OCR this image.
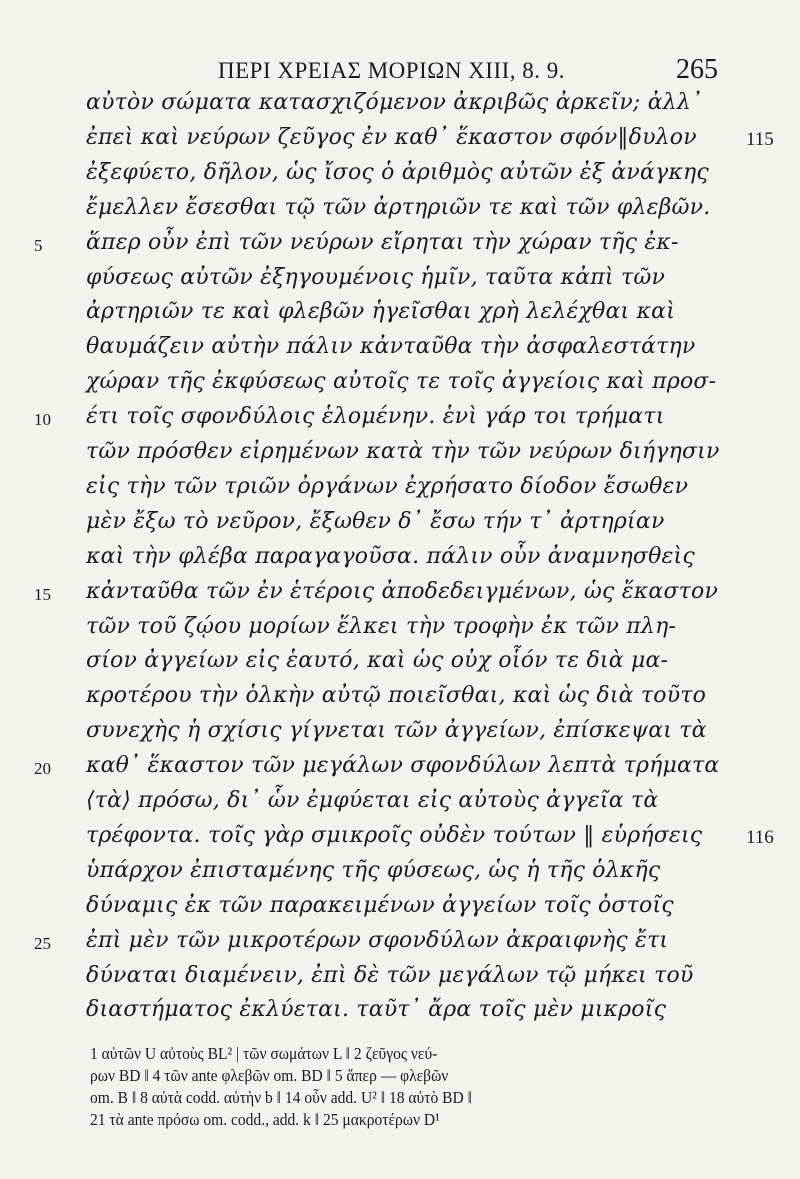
ΠΕΡΙ ΧΡΕΙΑΣ ΜΟΡΙΩΝ XIII, 8. 9.	265
αὐτὸν σώματα κατασχιζόμενον ἀκριβῶς ἀρκεῖν; ἀλλ᾽
ἐπεὶ καὶ νεύρων ζεῦγος ἐν καθ᾽ ἕκαστον σφόν‖δυλον	115
ἐξεφύετο, δῆλον, ὡς ἴσος ὁ ἀριθμὸς αὐτῶν ἐξ ἀνάγκης
ἔμελλεν ἔσεσθαι τῷ τῶν ἀρτηριῶν τε καὶ τῶν φλεβῶν.
5 ἅπερ οὖν ἐπὶ τῶν νεύρων εἴρηται τὴν χώραν τῆς ἐκ-
φύσεως αὐτῶν ἐξηγουμένοις ἡμῖν, ταῦτα κἀπὶ τῶν
ἀρτηριῶν τε καὶ φλεβῶν ἡγεῖσθαι χρὴ λελέχθαι καὶ
θαυμάζειν αὐτὴν πάλιν κἀνταῦθα τὴν ἀσφαλεστάτην
χώραν τῆς ἐκφύσεως αὐτοῖς τε τοῖς ἀγγείοις καὶ προσ-
10 έτι τοῖς σφονδύλοις ἑλομένην. ἑνὶ γάρ τοι τρήματι
τῶν πρόσθεν εἰρημένων κατὰ τὴν τῶν νεύρων διήγησιν
εἰς τὴν τῶν τριῶν ὀργάνων ἐχρήσατο δίοδον ἔσωθεν
μὲν ἔξω τὸ νεῦρον, ἔξωθεν δ᾽ ἔσω τήν τ᾽ ἀρτηρίαν
καὶ τὴν φλέβα παραγαγοῦσα. πάλιν οὖν ἀναμνησθεὶς
15 κἀνταῦθα τῶν ἐν ἑτέροις ἀποδεδειγμένων, ὡς ἕκαστον
τῶν τοῦ ζῴου μορίων ἕλκει τὴν τροφὴν ἐκ τῶν πλη-
σίον ἀγγείων εἰς ἑαυτό, καὶ ὡς οὐχ οἷόν τε διὰ μα-
κροτέρου τὴν ὁλκὴν αὐτῷ ποιεῖσθαι, καὶ ὡς διὰ τοῦτο
συνεχὴς ἡ σχίσις γίγνεται τῶν ἀγγείων, ἐπίσκεψαι τὰ
20 καθ᾽ ἕκαστον τῶν μεγάλων σφονδύλων λεπτὰ τρήματα
⟨τὰ⟩ πρόσω, δι᾽ ὧν ἐμφύεται εἰς αὐτοὺς ἀγγεῖα τὰ
τρέφοντα. τοῖς γὰρ σμικροῖς οὐδὲν τούτων ‖ εὑρήσεις 116
ὑπάρχον ἐπισταμένης τῆς φύσεως, ὡς ἡ τῆς ὁλκῆς
δύναμις ἐκ τῶν παρακειμένων ἀγγείων τοῖς ὀστοῖς
25 ἐπὶ μὲν τῶν μικροτέρων σφονδύλων ἀκραιφνὴς ἔτι
δύναται διαμένειν, ἐπὶ δὲ τῶν μεγάλων τῷ μήκει τοῦ
διαστήματος ἐκλύεται. ταῦτ᾽ ἄρα τοῖς μὲν μικροῖς
1 αὐτῶν U αὐτοὺς BL² | τῶν σωμάτων L ‖ 2 ζεῦγος νεύ-
ρων BD ‖ 4 τῶν ante φλεβῶν om. BD ‖ 5 ἅπερ — φλεβῶν
om. B ‖ 8 αὐτὰ codd. αὐτὴν b ‖ 14 οὖν add. U² ‖ 18 αὐτὸ BD ‖
21 τὰ ante πρόσω om. codd., add. k ‖ 25 μακροτέρων D¹
